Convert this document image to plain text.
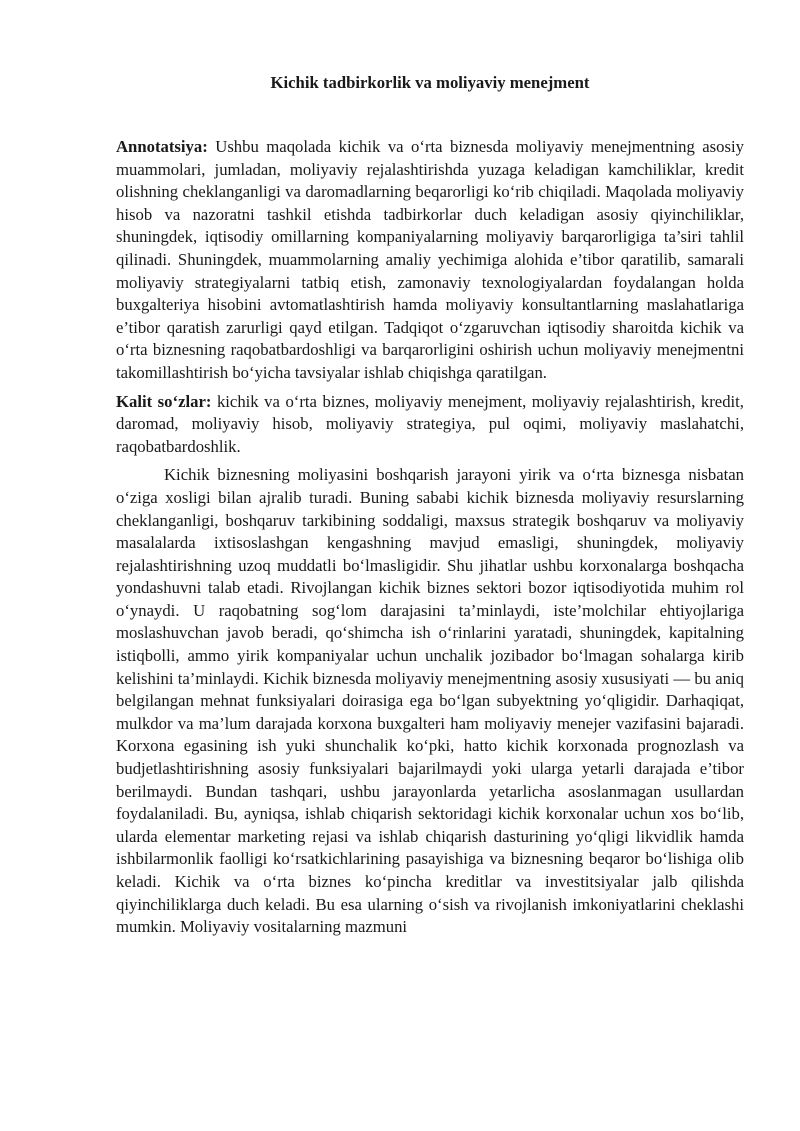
Kichik tadbirkorlik va moliyaviy menejment

Annotatsiya: Ushbu maqolada kichik va o‘rta biznesda moliyaviy menejmentning asosiy muammolari, jumladan, moliyaviy rejalashtirishda yuzaga keladigan kamchiliklar, kredit olishning cheklanganligi va daromadlarning beqarorligi ko‘rib chiqiladi. Maqolada moliyaviy hisob va nazoratni tashkil etishda tadbirkorlar duch keladigan asosiy qiyinchiliklar, shuningdek, iqtisodiy omillarning kompaniyalarning moliyaviy barqarorligiga ta’siri tahlil qilinadi. Shuningdek, muammolarning amaliy yechimiga alohida e’tibor qaratilib, samarali moliyaviy strategiyalarni tatbiq etish, zamonaviy texnologiyalardan foydalangan holda buxgalteriya hisobini avtomatlashtirish hamda moliyaviy konsultantlarning maslahatlariga e’tibor qaratish zarurligi qayd etilgan. Tadqiqot o‘zgaruvchan iqtisodiy sharoitda kichik va o‘rta biznesning raqobatbardoshligi va barqarorligini oshirish uchun moliyaviy menejmentni takomillashtirish bo‘yicha tavsiyalar ishlab chiqishga qaratilgan.

Kalit so‘zlar: kichik va o‘rta biznes, moliyaviy menejment, moliyaviy rejalashtirish, kredit, daromad, moliyaviy hisob, moliyaviy strategiya, pul oqimi, moliyaviy maslahatchi, raqobatbardoshlik.

Kichik biznesning moliyasini boshqarish jarayoni yirik va o‘rta biznesga nisbatan o‘ziga xosligi bilan ajralib turadi. Buning sababi kichik biznesda moliyaviy resurslarning cheklanganligi, boshqaruv tarkibining soddaligi, maxsus strategik boshqaruv va moliyaviy masalalarda ixtisoslashgan kengashning mavjud emasligi, shuningdek, moliyaviy rejalashtirishning uzoq muddatli bo‘lmasligidir. Shu jihatlar ushbu korxonalarga boshqacha yondashuvni talab etadi. Rivojlangan kichik biznes sektori bozor iqtisodiyotida muhim rol o‘ynaydi. U raqobatning sog‘lom darajasini ta’minlaydi, iste’molchilar ehtiyojlariga moslashuvchan javob beradi, qo‘shimcha ish o‘rinlarini yaratadi, shuningdek, kapitalning istiqbolli, ammo yirik kompaniyalar uchun unchalik jozibador bo‘lmagan sohalarga kirib kelishini ta’minlaydi. Kichik biznesda moliyaviy menejmentning asosiy xususiyati — bu aniq belgilangan mehnat funksiyalari doirasiga ega bo‘lgan subyektning yo‘qligidir. Darhaqiqat, mulkdor va ma’lum darajada korxona buxgalteri ham moliyaviy menejer vazifasini bajaradi. Korxona egasining ish yuki shunchalik ko‘pki, hatto kichik korxonada prognozlash va budjetlashtirishning asosiy funksiyalari bajarilmaydi yoki ularga yetarli darajada e’tibor berilmaydi. Bundan tashqari, ushbu jarayonlarda yetarlicha asoslanmagan usullardan foydalaniladi. Bu, ayniqsa, ishlab chiqarish sektoridagi kichik korxonalar uchun xos bo‘lib, ularda elementar marketing rejasi va ishlab chiqarish dasturining yo‘qligi likvidlik hamda ishbilarmonlik faolligi ko‘rsatkichlarining pasayishiga va biznesning beqaror bo‘lishiga olib keladi. Kichik va o‘rta biznes ko‘pincha kreditlar va investitsiyalar jalb qilishda qiyinchiliklarga duch keladi. Bu esa ularning o‘sish va rivojlanish imkoniyatlarini cheklashi mumkin. Moliyaviy vositalarning mazmuni
